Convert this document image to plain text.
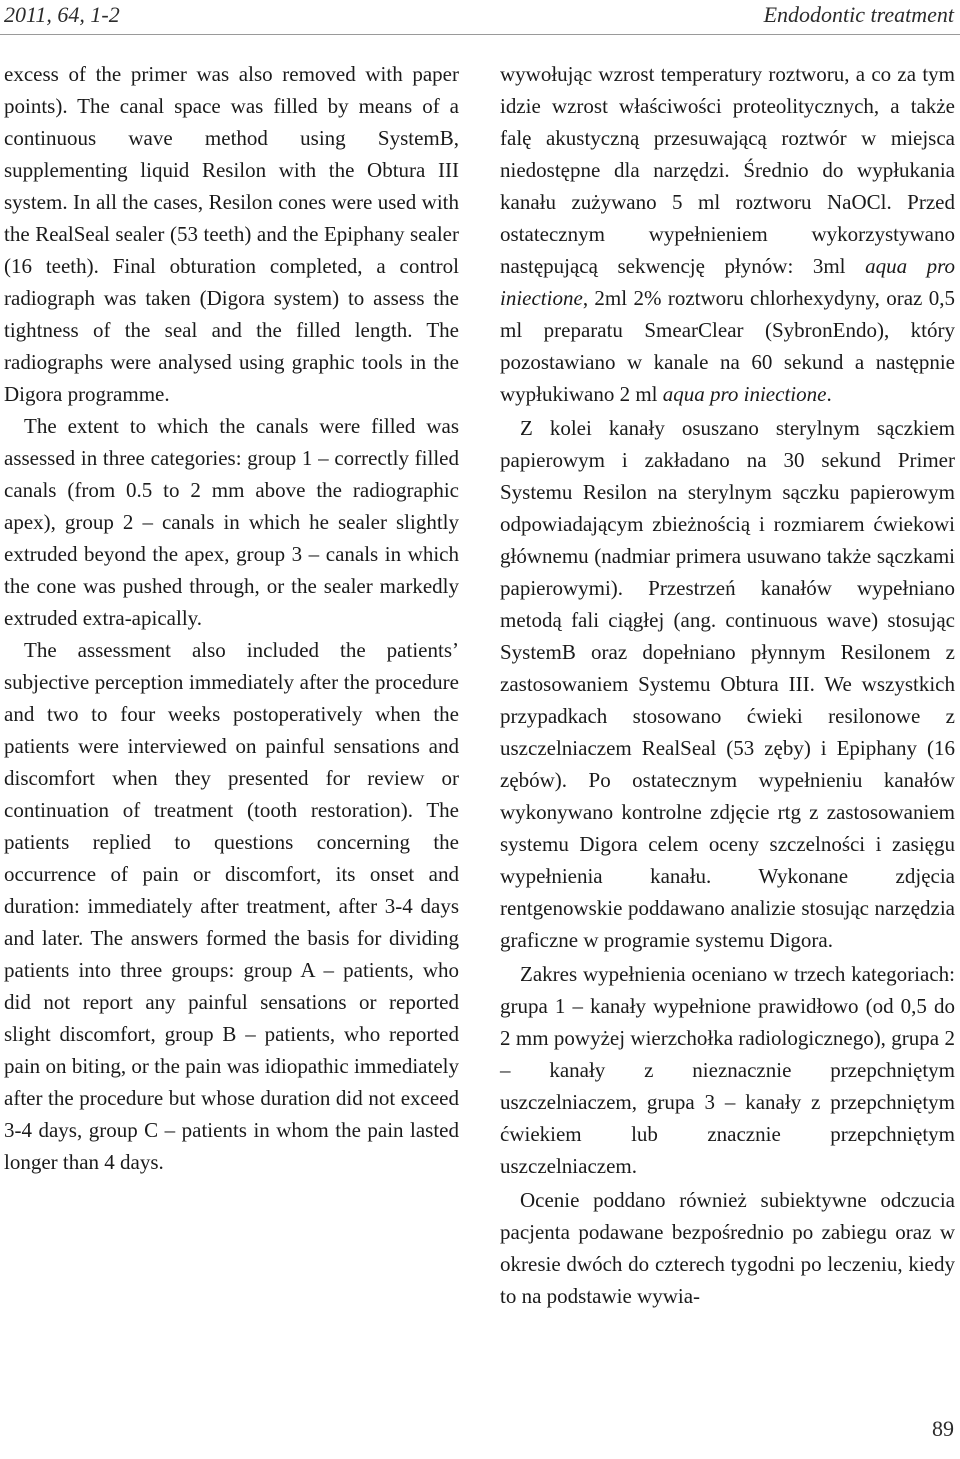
2011, 64, 1-2	Endodontic treatment

excess of the primer was also removed with paper points). The canal space was filled by means of a continuous wave method using SystemB, supplementing liquid Resilon with the Obtura III system. In all the cases, Resilon cones were used with the RealSeal sealer (53 teeth) and the Epiphany sealer (16 teeth). Final obturation completed, a control radiograph was taken (Digora system) to assess the tightness of the seal and the filled length. The radiographs were analysed using graphic tools in the Digora programme.

The extent to which the canals were filled was assessed in three categories: group 1 – correctly filled canals (from 0.5 to 2 mm above the radiographic apex), group 2 – canals in which he sealer slightly extruded beyond the apex, group 3 – canals in which the cone was pushed through, or the sealer markedly extruded extra-apically.

The assessment also included the patients’ subjective perception immediately after the procedure and two to four weeks postoperatively when the patients were interviewed on painful sensations and discomfort when they presented for review or continuation of treatment (tooth restoration). The patients replied to questions concerning the occurrence of pain or discomfort, its onset and duration: immediately after treatment, after 3-4 days and later. The answers formed the basis for dividing patients into three groups: group A – patients, who did not report any painful sensations or reported slight discomfort, group B – patients, who reported pain on biting, or the pain was idiopathic immediately after the procedure but whose duration did not exceed 3-4 days, group C – patients in whom the pain lasted longer than 4 days.

wywołując wzrost temperatury roztworu, a co za tym idzie wzrost właściwości proteolitycznych, a także falę akustyczną przesuwającą roztwór w miejsca niedostępne dla narzędzi. Średnio do wypłukania kanału zużywano 5 ml roztworu NaOCl. Przed ostatecznym wypełnieniem wykorzystywano następującą sekwencję płynów: 3ml aqua pro iniectione, 2ml 2% roztworu chlorhexydyny, oraz 0,5 ml preparatu SmearClear (SybronEndo), który pozostawiano w kanale na 60 sekund a następnie wypłukiwano 2 ml aqua pro iniectione.

Z kolei kanały osuszano sterylnym sączkiem papierowym i zakładano na 30 sekund Primer Systemu Resilon na sterylnym sączku papierowym odpowiadającym zbieżnością i rozmiarem ćwiekowi głównemu (nadmiar primera usuwano także sączkami papierowymi). Przestrzeń kanałów wypełniano metodą fali ciągłej (ang. continuous wave) stosując SystemB oraz dopełniano płynnym Resilonem z zastosowaniem Systemu Obtura III. We wszystkich przypadkach stosowano ćwieki resilonowe z uszczelniaczem RealSeal (53 zęby) i Epiphany (16 zębów). Po ostatecznym wypełnieniu kanałów wykonywano kontrolne zdjęcie rtg z zastosowaniem systemu Digora celem oceny szczelności i zasięgu wypełnienia kanału. Wykonane zdjęcia rentgenowskie poddawano analizie stosując narzędzia graficzne w programie systemu Digora.

Zakres wypełnienia oceniano w trzech kategoriach: grupa 1 – kanały wypełnione prawidłowo (od 0,5 do 2 mm powyżej wierzchołka radiologicznego), grupa 2 – kanały z nieznacznie przepchniętym uszczelniaczem, grupa 3 – kanały z przepchniętym ćwiekiem lub znacznie przepchniętym uszczelniaczem.

Ocenie poddano również subiektywne odczucia pacjenta podawane bezpośrednio po zabiegu oraz w okresie dwóch do czterech tygodni po leczeniu, kiedy to na podstawie wywia-

89
